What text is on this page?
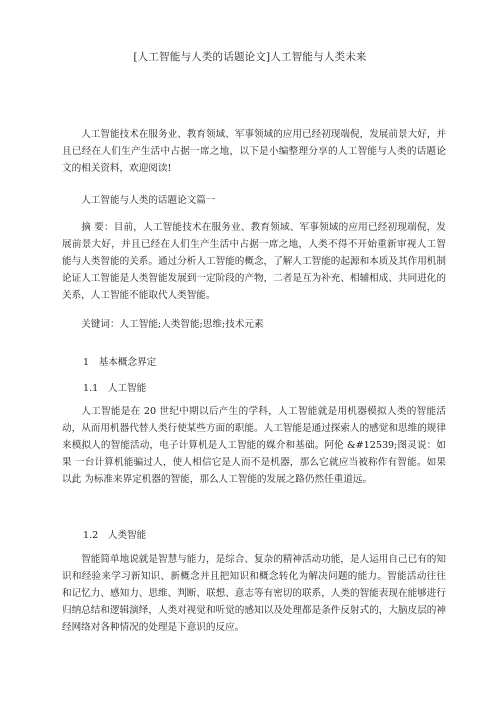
[人工智能与人类的话题论文]人工智能与人类未来

人工智能技术在服务业、教育领域、军事领域的应用已经初现端倪，发展前景大好，并且已经在人们生产生活中占据一席之地，以下是小编整理分享的人工智能与人类的话题论 文的相关资料，欢迎阅读!

人工智能与人类的话题论文篇一

摘 要：目前，人工智能技术在服务业、教育领域、军事领域的应用已经初现端倪，发展前景大好，并且已经在人们生产生活中占据一席之地，人类不得不开始重新审视人工智 能与人类智能的关系。通过分析人工智能的概念，了解人工智能的起源和本质及其作用机制 论证人工智能是人类智能发展到一定阶段的产物，二者是互为补充、相辅相成、共同进化的 关系，人工智能不能取代人类智能。

关键词：人工智能;人类智能;思维;技术元素

1　基本概念界定

1.1　人工智能

人工智能是在 20 世纪中期以后产生的学科，人工智能就是用机器模拟人类的智能活动，从而用机器代替人类行使某些方面的职能。人工智能是通过探索人的感觉和思维的规律 来模拟人的智能活动，电子计算机是人工智能的媒介和基础。阿伦 &#12539;图灵说：如果 一台计算机能骗过人，使人相信它是人而不是机器，那么它就应当被称作有智能。如果以此 为标准来界定机器的智能，那么人工智能的发展之路仍然任重道远。

1.2　人类智能

智能简单地说就是智慧与能力，是综合、复杂的精神活动功能，是人运用自己已有的知识和经验来学习新知识、新概念并且把知识和概念转化为解决问题的能力。智能活动往往 和记忆力、感知力、思维、判断、联想、意志等有密切的联系，人类的智能表现在能够进行 归纳总结和逻辑演绎，人类对视觉和听觉的感知以及处理都是条件反射式的，大脑皮层的神 经网络对各种情况的处理是下意识的反应。
